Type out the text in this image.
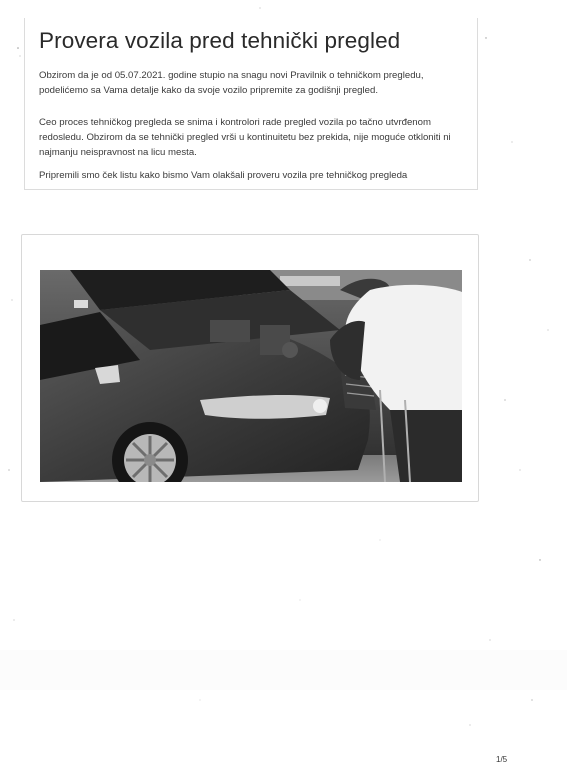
Provera vozila pred tehnički pregled

Obzirom da je od 05.07.2021. godine stupio na snagu novi Pravilnik o tehničkom pregledu, podelićemo sa Vama detalje kako da svoje vozilo pripremite za godišnji pregled.

Ceo proces tehničkog pregleda se snima i kontrolori rade pregled vozila po tačno utvrđenom redosledu. Obzirom da se tehnički pregled vrši u kontinuitetu bez prekida, nije moguće otkloniti ni najmanju neispravnost na licu mesta.

Pripremili smo ček listu kako bismo Vam olakšali proveru vozila pre tehničkog pregleda

1/5
